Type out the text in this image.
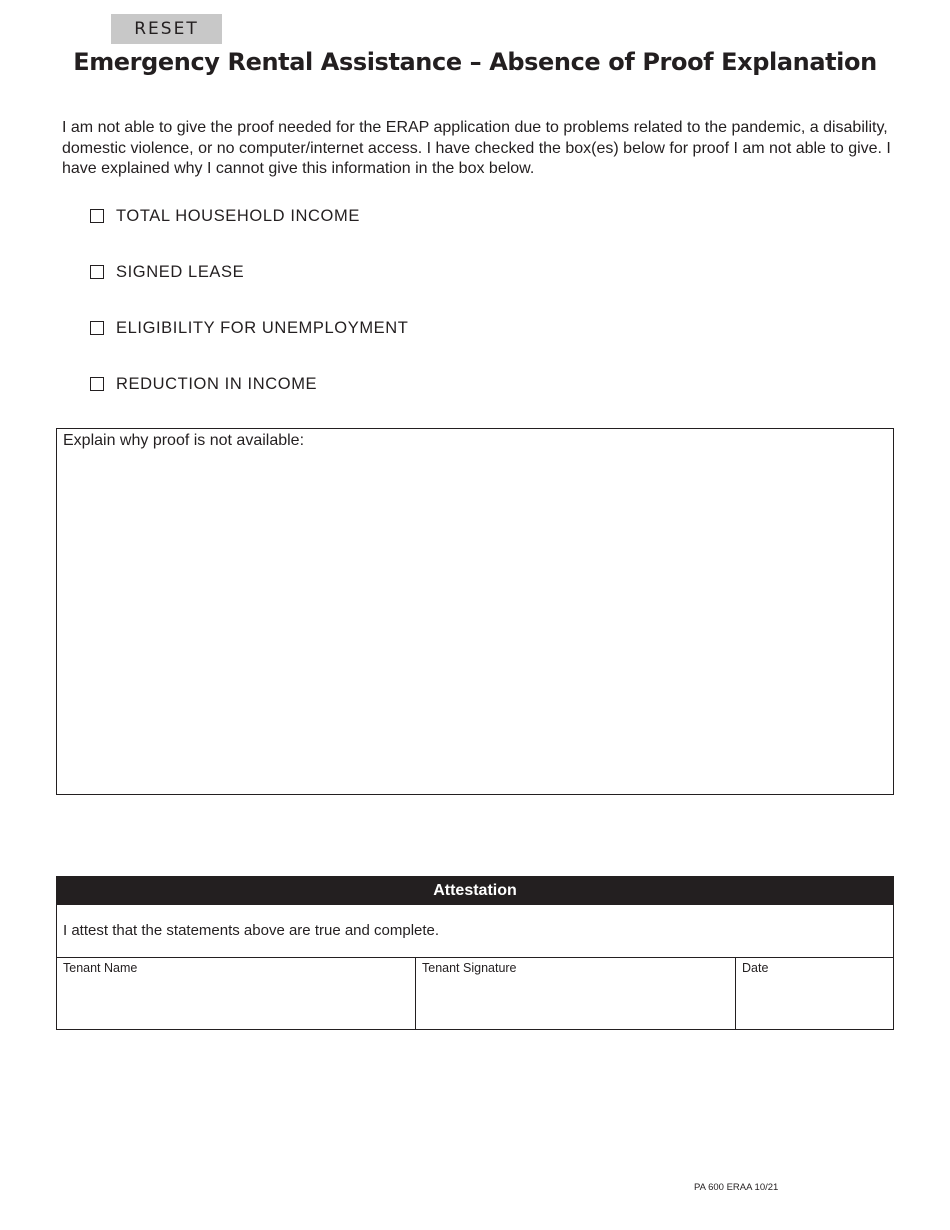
RESET
Emergency Rental Assistance – Absence of Proof Explanation

I am not able to give the proof needed for the ERAP application due to problems related to the pandemic, a disability, domestic violence, or no computer/internet access. I have checked the box(es) below for proof I am not able to give. I have explained why I cannot give this information in the box below.

TOTAL HOUSEHOLD INCOME
SIGNED LEASE
ELIGIBILITY FOR UNEMPLOYMENT
REDUCTION IN INCOME
Explain why proof is not available:
Attestation
I attest that the statements above are true and complete.
Tenant Name	Tenant Signature	Date
PA 600 ERAA 10/21
